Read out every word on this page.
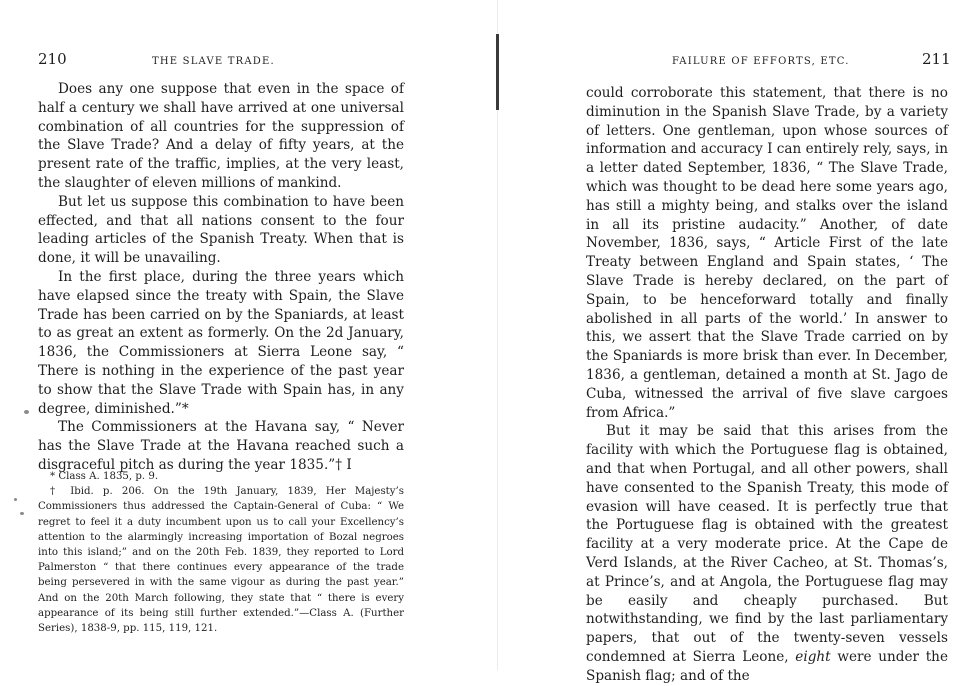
210	THE SLAVE TRADE.

Does any one suppose that even in the space of half a century we shall have arrived at one universal combination of all countries for the suppression of the Slave Trade? And a delay of fifty years, at the present rate of the traffic, implies, at the very least, the slaughter of eleven millions of mankind.

But let us suppose this combination to have been effected, and that all nations consent to the four leading articles of the Spanish Treaty. When that is done, it will be unavailing.

In the first place, during the three years which have elapsed since the treaty with Spain, the Slave Trade has been carried on by the Spaniards, at least to as great an extent as formerly. On the 2d January, 1836, the Commissioners at Sierra Leone say, “ There is nothing in the experience of the past year to show that the Slave Trade with Spain has, in any degree, diminished.”*

The Commissioners at the Havana say, “ Never has the Slave Trade at the Havana reached such a disgraceful pitch as during the year 1835.”† I

* Class A. 1835, p. 9.

† Ibid. p. 206. On the 19th January, 1839, Her Majesty’s Commissioners thus addressed the Captain-General of Cuba: “ We regret to feel it a duty incumbent upon us to call your Excellency’s attention to the alarmingly increasing importation of Bozal negroes into this island;” and on the 20th Feb. 1839, they reported to Lord Palmerston “ that there continues every appearance of the trade being persevered in with the same vigour as during the past year.” And on the 20th March following, they state that “ there is every appearance of its being still further extended.”—Class A. (Further Series), 1838-9, pp. 115, 119, 121.

FAILURE OF EFFORTS, ETC.	211

could corroborate this statement, that there is no diminution in the Spanish Slave Trade, by a variety of letters. One gentleman, upon whose sources of information and accuracy I can entirely rely, says, in a letter dated September, 1836, “ The Slave Trade, which was thought to be dead here some years ago, has still a mighty being, and stalks over the island in all its pristine audacity.” Another, of date November, 1836, says, “ Article First of the late Treaty between England and Spain states, ‘ The Slave Trade is hereby declared, on the part of Spain, to be henceforward totally and finally abolished in all parts of the world.’ In answer to this, we assert that the Slave Trade carried on by the Spaniards is more brisk than ever. In December, 1836, a gentleman, detained a month at St. Jago de Cuba, witnessed the arrival of five slave cargoes from Africa.”

But it may be said that this arises from the facility with which the Portuguese flag is obtained, and that when Portugal, and all other powers, shall have consented to the Spanish Treaty, this mode of evasion will have ceased. It is perfectly true that the Portuguese flag is obtained with the greatest facility at a very moderate price. At the Cape de Verd Islands, at the River Cacheo, at St. Thomas’s, at Prince’s, and at Angola, the Portuguese flag may be easily and cheaply purchased. But notwithstanding, we find by the last parliamentary papers, that out of the twenty-seven vessels condemned at Sierra Leone, eight were under the Spanish flag; and of the
